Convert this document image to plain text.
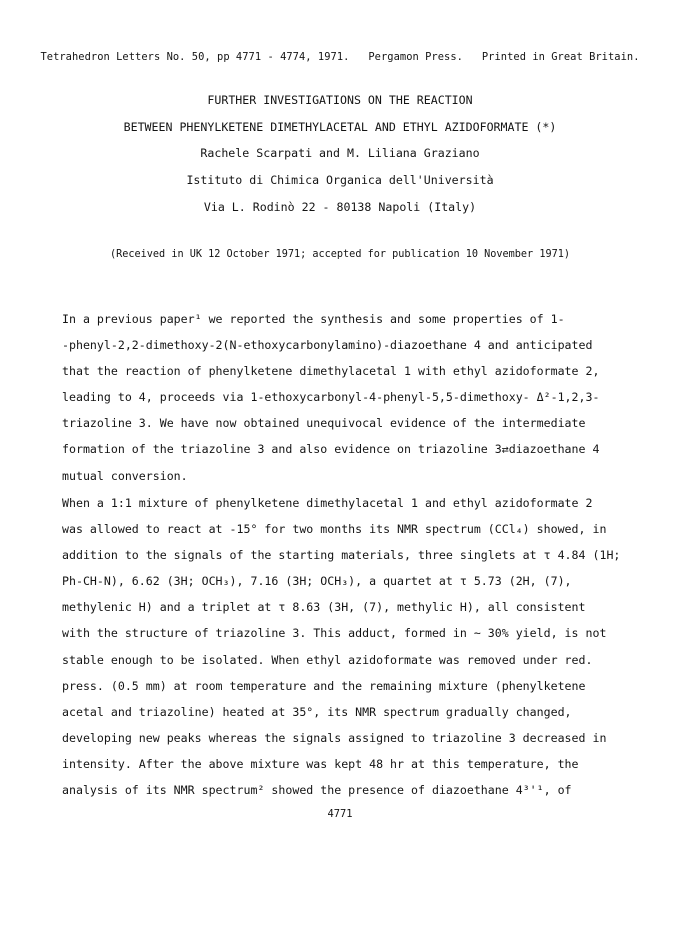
Tetrahedron Letters No. 50, pp 4771 - 4774, 1971. Pergamon Press. Printed in Great Britain.
FURTHER INVESTIGATIONS ON THE REACTION
BETWEEN PHENYLKETENE DIMETHYLACETAL AND ETHYL AZIDOFORMATE (*)
Rachele Scarpati and M. Liliana Graziano
Istituto di Chimica Organica dell'Università
Via L. Rodinò 22 - 80138 Napoli (Italy)
(Received in UK 12 October 1971; accepted for publication 10 November 1971)
In a previous paper¹ we reported the synthesis and some properties of 1-
-phenyl-2,2-dimethoxy-2(N-ethoxycarbonylamino)-diazoethane 4 and anticipated
that the reaction of phenylketene dimethylacetal 1 with ethyl azidoformate 2,
leading to 4, proceeds via 1-ethoxycarbonyl-4-phenyl-5,5-dimethoxy- Δ²-1,2,3-
triazoline 3. We have now obtained unequivocal evidence of the intermediate
formation of the triazoline 3 and also evidence on triazoline 3⇄diazoethane 4
mutual conversion.
When a 1:1 mixture of phenylketene dimethylacetal 1 and ethyl azidoformate 2
was allowed to react at -15° for two months its NMR spectrum (CCl₄) showed, in
addition to the signals of the starting materials, three singlets at τ 4.84 (1H;
Ph-CH-N), 6.62 (3H; OCH₃), 7.16 (3H; OCH₃), a quartet at τ 5.73 (2H, (7),
methylenic H) and a triplet at τ 8.63 (3H, (7), methylic H), all consistent
with the structure of triazoline 3. This adduct, formed in ~ 30% yield, is not
stable enough to be isolated. When ethyl azidoformate was removed under red.
press. (0.5 mm) at room temperature and the remaining mixture (phenylketene
acetal and triazoline) heated at 35°, its NMR spectrum gradually changed,
developing new peaks whereas the signals assigned to triazoline 3 decreased in
intensity. After the above mixture was kept 48 hr at this temperature, the
analysis of its NMR spectrum² showed the presence of diazoethane 4³'¹, of
4771
